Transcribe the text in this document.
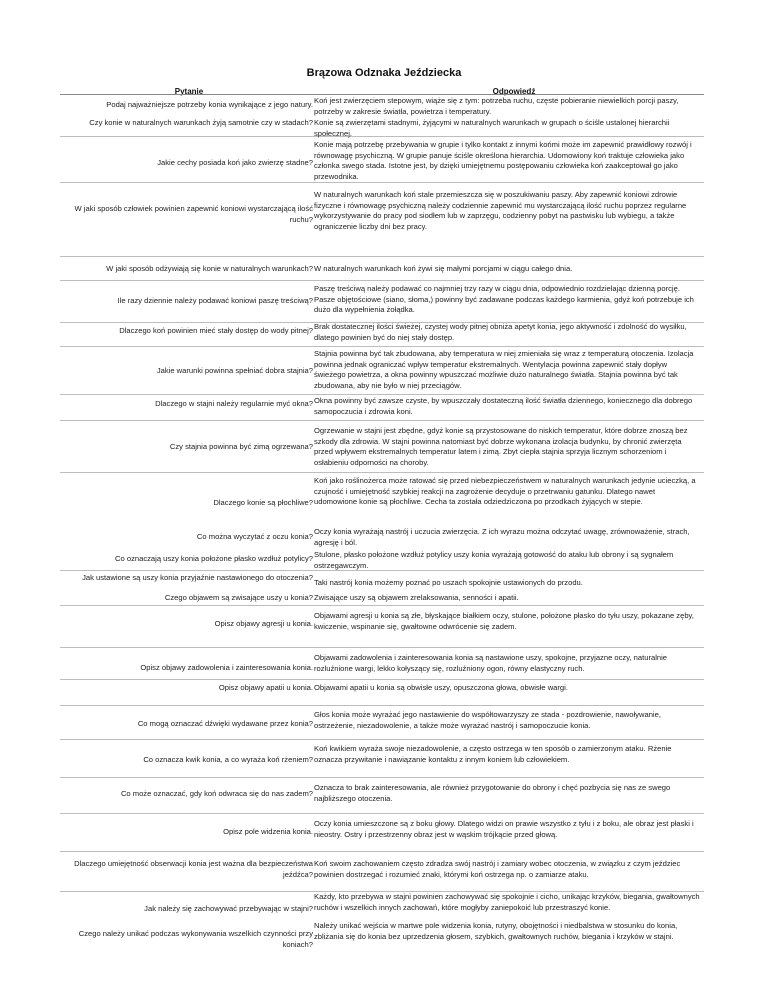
Brązowa Odznaka Jeździecka
Pytanie	Odpowiedź
Podaj najważniejsze potrzeby konia wynikające z jego natury. Koń jest zwierzęciem stepowym, wiąże się z tym: potrzeba ruchu, częste pobieranie niewielkich porcji paszy, potrzeby w zakresie światła, powietrza i temperatury.
Czy konie w naturalnych warunkach żyją samotnie czy w stadach? Konie są zwierzętami stadnymi, żyjącymi w naturalnych warunkach w grupach o ściśle ustalonej hierarchii społecznej.
Jakie cechy posiada koń jako zwierzę stadne?
Konie mają potrzebę przebywania w grupie i tylko kontakt z innymi końmi może im zapewnić prawidłowy rozwój i równowagę psychiczną. W grupie panuje ściśle określona hierarchia. Udomowiony koń traktuje człowieka jako członka swego stada. Istotne jest, by dzięki umiejętnemu postępowaniu człowieka koń zaakceptował go jako przewodnika.
W jaki sposób człowiek powinien zapewnić koniowi wystarczającą ilość ruchu?
W naturalnych warunkach koń stale przemieszcza się w poszukiwaniu paszy. Aby zapewnić koniowi zdrowie fizyczne i równowagę psychiczną należy codziennie zapewnić mu wystarczającą ilość ruchu poprzez regularne wykorzystywanie do pracy pod siodłem lub w zaprzęgu, codzienny pobyt na pastwisku lub wybiegu, a także ograniczenie liczby dni bez pracy.
W jaki sposób odżywiają się konie w naturalnych warunkach? W naturalnych warunkach koń żywi się małymi porcjami w ciągu całego dnia.
Ile razy dziennie należy podawać koniowi paszę treściwą?
Paszę treściwą należy podawać co najmniej trzy razy w ciągu dnia, odpowiednio rozdzielając dzienną porcję. Pasze objętościowe (siano, słoma,) powinny być zadawane podczas każdego karmienia, gdyż koń potrzebuje ich dużo dla wypełnienia żołądka.
Dlaczego koń powinien mieć stały dostęp do wody pitnej? Brak dostatecznej ilości świeżej, czystej wody pitnej obniża apetyt konia, jego aktywność i zdolność do wysiłku, dlatego powinien być do niej stały dostęp.
Jakie warunki powinna spełniać dobra stajnia?
Stajnia powinna być tak zbudowana, aby temperatura w niej zmieniała się wraz z temperaturą otoczenia. Izolacja powinna jednak ograniczać wpływ temperatur ekstremalnych. Wentylacja powinna zapewnić stały dopływ świeżego powietrza, a okna powinny wpuszczać możliwie dużo naturalnego światła. Stajnia powinna być tak zbudowana, aby nie było w niej przeciągów.
Dlaczego w stajni należy regularnie myć okna? Okna powinny być zawsze czyste, by wpuszczały dostateczną ilość światła dziennego, koniecznego dla dobrego samopoczucia i zdrowia koni.
Czy stajnia powinna być zimą ogrzewana?
Ogrzewanie w stajni jest zbędne, gdyż konie są przystosowane do niskich temperatur, które dobrze znoszą bez szkody dla zdrowia. W stajni powinna natomiast być dobrze wykonana izolacja budynku, by chronić zwierzęta przed wpływem ekstremalnych temperatur latem i zimą. Zbyt ciepła stajnia sprzyja licznym schorzeniom i osłabieniu odporności na choroby.
Dlaczego konie są płochliwe?
Koń jako roślinożerca może ratować się przed niebezpieczeństwem w naturalnych warunkach jedynie ucieczką, a czujność i umiejętność szybkiej reakcji na zagrożenie decyduje o przetrwaniu gatunku. Dlatego nawet udomowione konie są płochliwe. Cecha ta została odziedziczona po przodkach żyjących w stepie.
Co można wyczytać z oczu konia?
Oczy konia wyrażają nastrój i uczucia zwierzęcia. Z ich wyrazu można odczytać uwagę, zrównoważenie, strach, agresję i ból.
Co oznaczają uszy konia położone płasko wzdłuż potylicy? Stulone, płasko położone wzdłuż potylicy uszy konia wyrażają gotowość do ataku lub obrony i są sygnałem ostrzegawczym.
Jak ustawione są uszy konia przyjaźnie nastawionego do otoczenia?
Taki nastrój konia możemy poznać po uszach spokojnie ustawionych do przodu.
Czego objawem są zwisające uszy u konia? Zwisające uszy są objawem zrelaksowania, senności i apatii.
Opisz objawy agresji u konia.
Objawami agresji u konia są złe, błyskające białkiem oczy, stulone, położone płasko do tyłu uszy, pokazane zęby, kwiczenie, wspinanie się, gwałtowne odwrócenie się zadem.
Opisz objawy zadowolenia i zainteresowania konia.
Objawami zadowolenia i zainteresowania konia są nastawione uszy, spokojne, przyjazne oczy, naturalnie rozluźnione wargi, lekko kołyszący się, rozluźniony ogon, równy elastyczny ruch.
Opisz objawy apatii u konia. Objawami apatii u konia są obwisłe uszy, opuszczona głowa, obwisłe wargi.
Co mogą oznaczać dźwięki wydawane przez konia?
Głos konia może wyrażać jego nastawienie do współtowarzyszy ze stada - pozdrowienie, nawoływanie, ostrzeżenie, niezadowolenie, a także może wyrażać nastrój i samopoczucie konia.
Co oznacza kwik konia, a co wyraża koń rżeniem?
Koń kwikiem wyraża swoje niezadowolenie, a często ostrzega w ten sposób o zamierzonym ataku. Rżenie oznacza przywitanie i nawiązanie kontaktu z innym koniem lub człowiekiem.
Co może oznaczać, gdy koń odwraca się do nas zadem?
Oznacza to brak zainteresowania, ale również przygotowanie do obrony i chęć pozbycia się nas ze swego najbliższego otoczenia.
Opisz pole widzenia konia.
Oczy konia umieszczone są z boku głowy. Dlatego widzi on prawie wszystko z tyłu i z boku, ale obraz jest płaski i nieostry. Ostry i przestrzenny obraz jest w wąskim trójkącie przed głową.
Dlaczego umiejętność obserwacji konia jest ważna dla bezpieczeństwa jeźdźca?
Koń swoim zachowaniem często zdradza swój nastrój i zamiary wobec otoczenia, w związku z czym jeździec powinien dostrzegać i rozumieć znaki, którymi koń ostrzega np. o zamiarze ataku.
Jak należy się zachowywać przebywając w stajni?
Każdy, kto przebywa w stajni powinien zachowywać się spokojnie i cicho, unikając krzyków, biegania, gwałtownych ruchów i wszelkich innych zachowań, które mogłyby zaniepokoić lub przestraszyć konie.
Czego należy unikać podczas wykonywania wszelkich czynności przy koniach?
Należy unikać wejścia w martwe pole widzenia konia, rutyny, obojętności i niedbalstwa w stosunku do konia, zbliżania się do konia bez uprzedzenia głosem, szybkich, gwałtownych ruchów, biegania i krzyków w stajni.
